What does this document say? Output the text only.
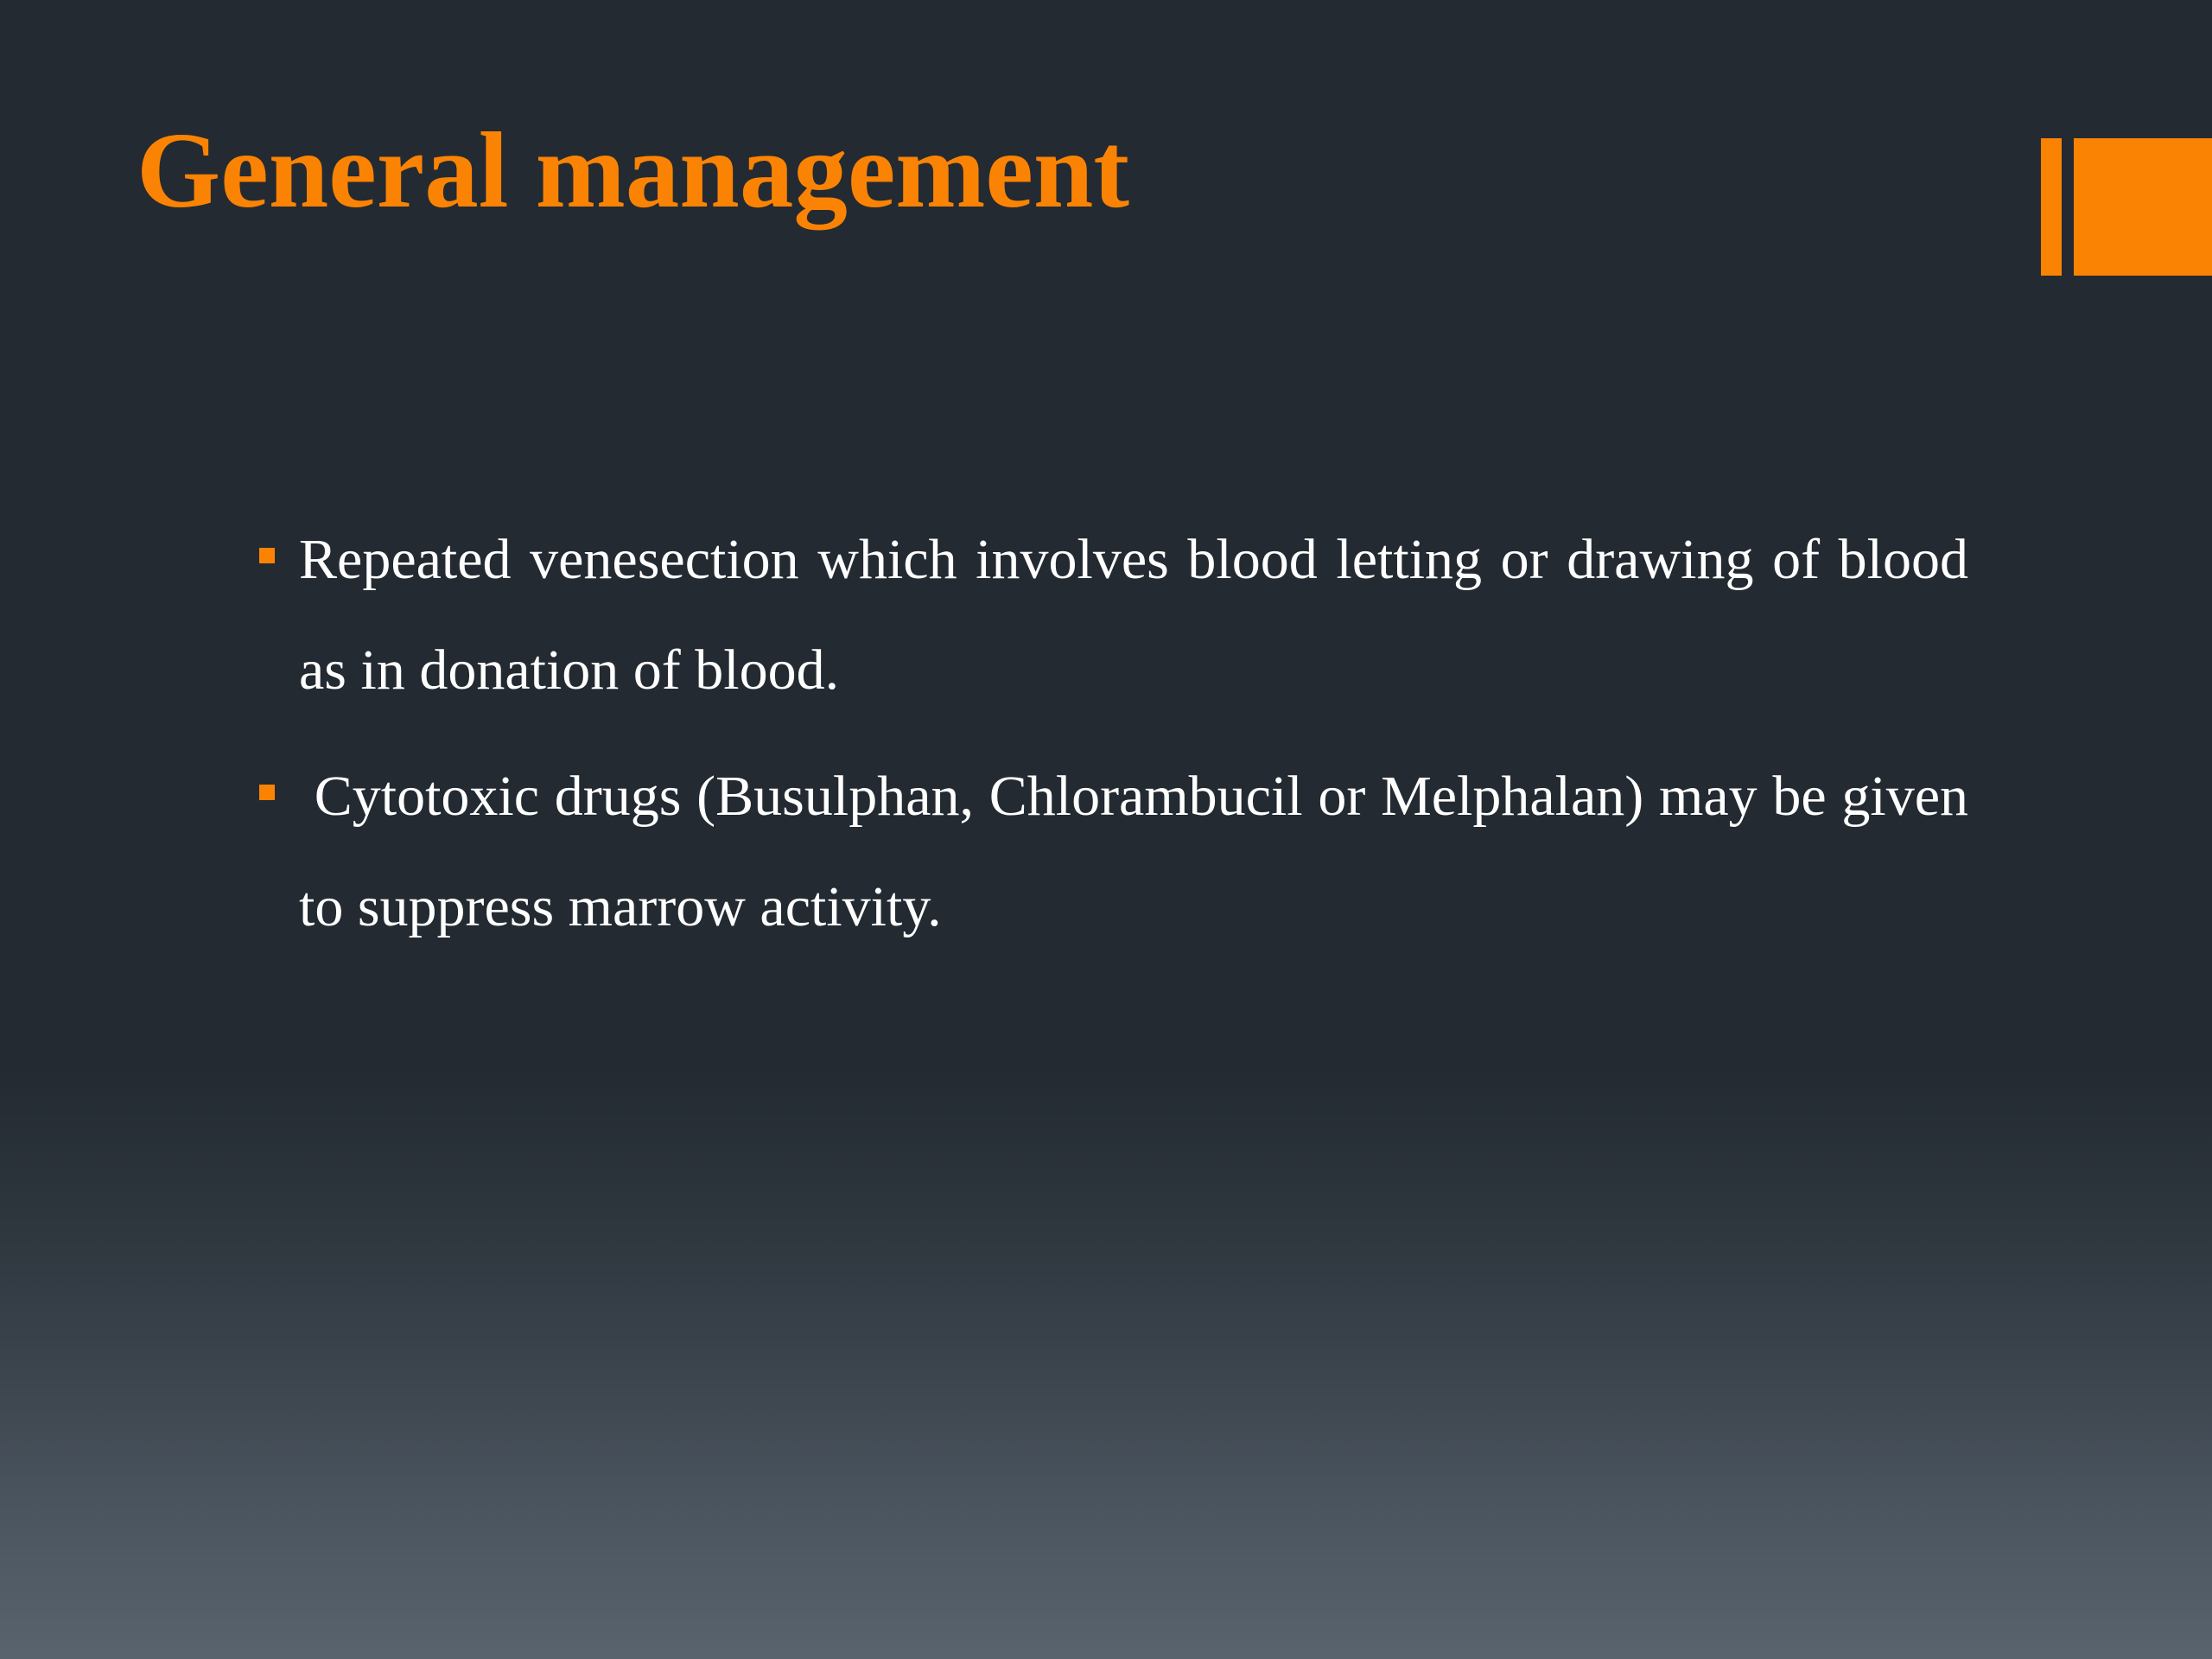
General management
Repeated venesection which involves blood letting or drawing of blood as in donation of blood.
Cytotoxic drugs (Busulphan, Chlorambucil or Melphalan) may be given to suppress marrow activity.
